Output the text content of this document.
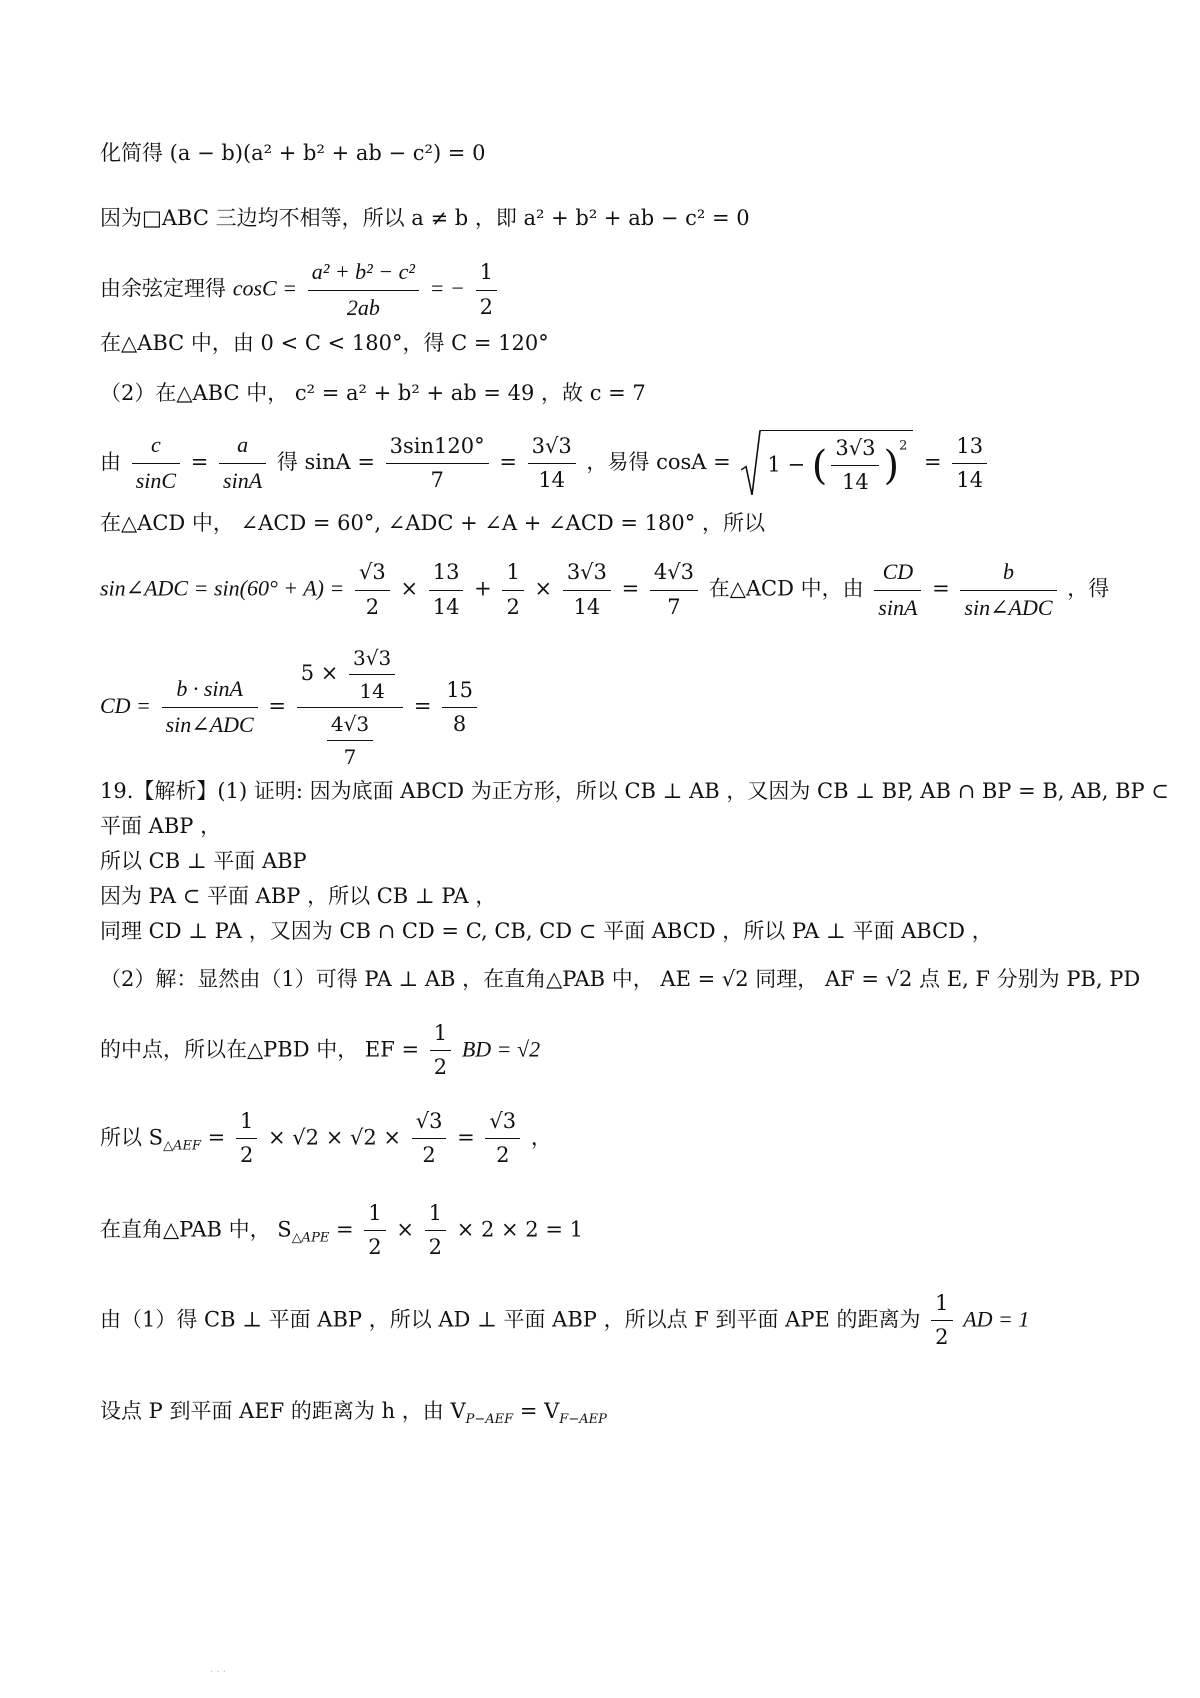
化简得 (a − b)(a² + b² + ab − c²) = 0
因为□ABC 三边均不相等，所以 a ≠ b ，即 a² + b² + ab − c² = 0
由余弦定理得 $\cos C = \frac{\text{a² + b² − c²}}{2ab}$ = − $\frac{1}{2}$
在△ABC 中，由 0 < C < 180°，得 C = 120°
（2）在△ABC 中， c² = a² + b² + ab = 49 ，故 c = 7
由 $\frac{c}{\sin C} = \frac{a}{\sin A}$ 得 $\sin A = \frac{3\sin 120^\circ}{7} = \frac{3√3}{14}$ ，易得 cosA = 1 − ( $\frac{3√3}{14} )^2 = \frac{13}{14}$
在△ACD 中， ∠ACD = 60°, ∠ADC + ∠A + ∠ACD = 180° ，所以
sin∠ADC = $\sin(60^\circ + A) = \frac{√3}{2} \times \frac{13}{14} + \frac{1}{2} \times \frac{3√3}{14} = \frac{4√3}{7}$ 在△ACD 中，由 $\frac{CD}{\sin A} = \frac{b}{\text{sin∠ADC}}$ ，得
CD = $\frac{b \cdot \sin A}{\text{sin∠ADC}} = \frac{5 \times \frac{3√3}{14}}{\frac{4√3}{7}} = \frac{15}{8}$
19.【解析】(1) 证明: 因为底面 ABCD 为正方形，所以 CB ⊥ AB ，又因为 CB ⊥ BP, AB ∩ BP = B, AB, BP ⊂
平面 ABP ，
所以 CB ⊥ 平面 ABP
因为 PA ⊂ 平面 ABP ，所以 CB ⊥ PA ，
同理 CD ⊥ PA ，又因为 CB ∩ CD = C, CB, CD ⊂ 平面 ABCD ，所以 PA ⊥ 平面 ABCD ，
（2）解：显然由（1）可得 PA ⊥ AB ，在直角△PAB 中， AE = √2 同理， AF = √2 点 E, F 分别为 PB, PD
的中点，所以在△PBD 中， EF = $\frac{1}{2}$ BD = √2
所以 $S_{\triangle AEF} = \frac{1}{2} \times √2 \times √2 \times \frac{√3}{2} = \frac{√3}{2}$ ，
在直角△PAB 中， $S_{\triangle APE} = \frac{1}{2} \times \frac{1}{2} \times 2 \times 2 = 1$
由（1）得 CB ⊥ 平面 ABP ，所以 AD ⊥ 平面 ABP ，所以点 F 到平面 APE 的距离为 $\frac{1}{2}$ AD = 1
设点 P 到平面 AEF 的距离为 h ，由 $V_{P-AEF} = V_{F-AEP}$
· · ·
